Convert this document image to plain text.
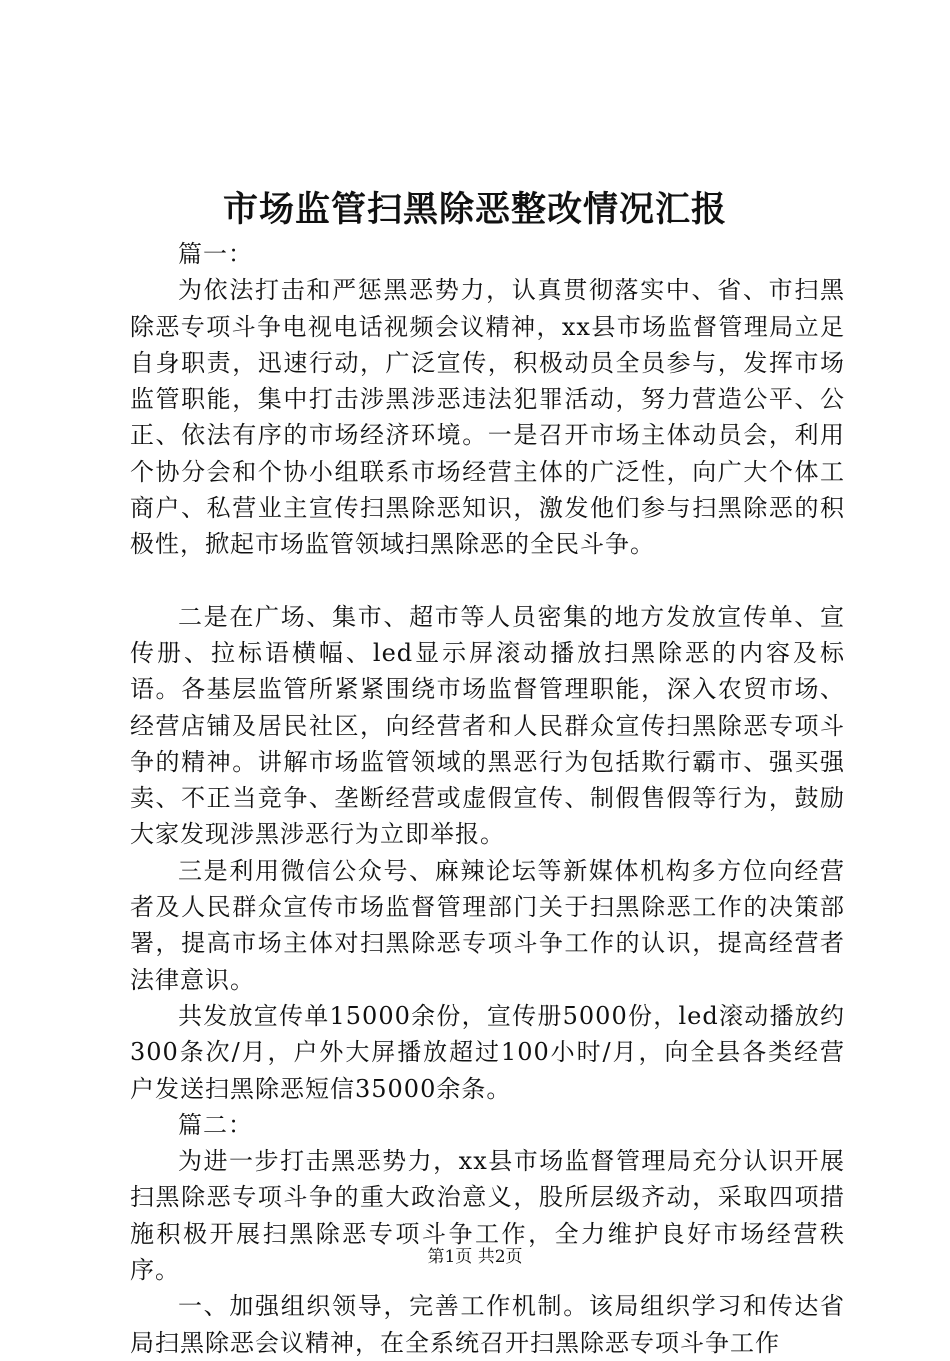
市场监管扫黑除恶整改情况汇报

篇一：

为依法打击和严惩黑恶势力，认真贯彻落实中、省、市扫黑除恶专项斗争电视电话视频会议精神，xx县市场监督管理局立足自身职责，迅速行动，广泛宣传，积极动员全员参与，发挥市场监管职能，集中打击涉黑涉恶违法犯罪活动，努力营造公平、公正、依法有序的市场经济环境。一是召开市场主体动员会，利用个协分会和个协小组联系市场经营主体的广泛性，向广大个体工商户、私营业主宣传扫黑除恶知识，激发他们参与扫黑除恶的积极性，掀起市场监管领域扫黑除恶的全民斗争。

二是在广场、集市、超市等人员密集的地方发放宣传单、宣传册、拉标语横幅、led显示屏滚动播放扫黑除恶的内容及标语。各基层监管所紧紧围绕市场监督管理职能，深入农贸市场、经营店铺及居民社区，向经营者和人民群众宣传扫黑除恶专项斗争的精神。讲解市场监管领域的黑恶行为包括欺行霸市、强买强卖、不正当竞争、垄断经营或虚假宣传、制假售假等行为，鼓励大家发现涉黑涉恶行为立即举报。

三是利用微信公众号、麻辣论坛等新媒体机构多方位向经营者及人民群众宣传市场监督管理部门关于扫黑除恶工作的决策部署，提高市场主体对扫黑除恶专项斗争工作的认识，提高经营者法律意识。

共发放宣传单15000余份，宣传册5000份，led滚动播放约300条次/月，户外大屏播放超过100小时/月，向全县各类经营户发送扫黑除恶短信35000余条。

篇二：

为进一步打击黑恶势力，xx县市场监督管理局充分认识开展扫黑除恶专项斗争的重大政治意义，股所层级齐动，采取四项措施积极开展扫黑除恶专项斗争工作，全力维护良好市场经营秩序。

一、加强组织领导，完善工作机制。该局组织学习和传达省局扫黑除恶会议精神，在全系统召开扫黑除恶专项斗争工作

第1页 共2页
